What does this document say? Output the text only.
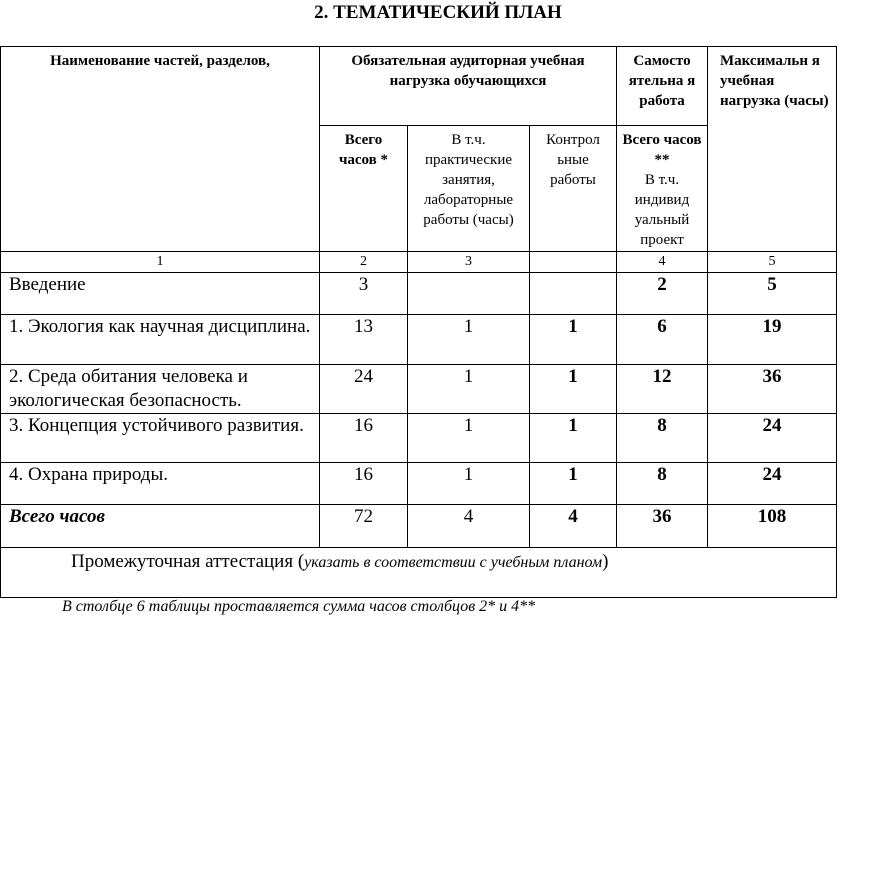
2. ТЕМАТИЧЕСКИЙ ПЛАН
Наименование частей, разделов,	Обязательная аудиторная учебная нагрузка обучающихся			Самосто ятельна я работа	Максимальн я учебная нагрузка (часы)
	Всего часов *	В т.ч. практические занятия, лабораторные работы (часы)	Контрол ьные работы	Всего часов **
В т.ч. индивид уальный проект	
1	2	3		4	5
Введение	3			2	5
1. Экология как научная дисциплина.	13	1	1	6	19
2. Среда обитания человека и экологическая безопасность.	24	1	1	12	36
3. Концепция устойчивого развития.	16	1	1	8	24
4. Охрана природы.	16	1	1	8	24
Всего часов	72	4	4	36	108
Промежуточная аттестация (указать в соответствии с учебным планом)					
В столбце 6 таблицы проставляется сумма часов столбцов 2* и 4**
